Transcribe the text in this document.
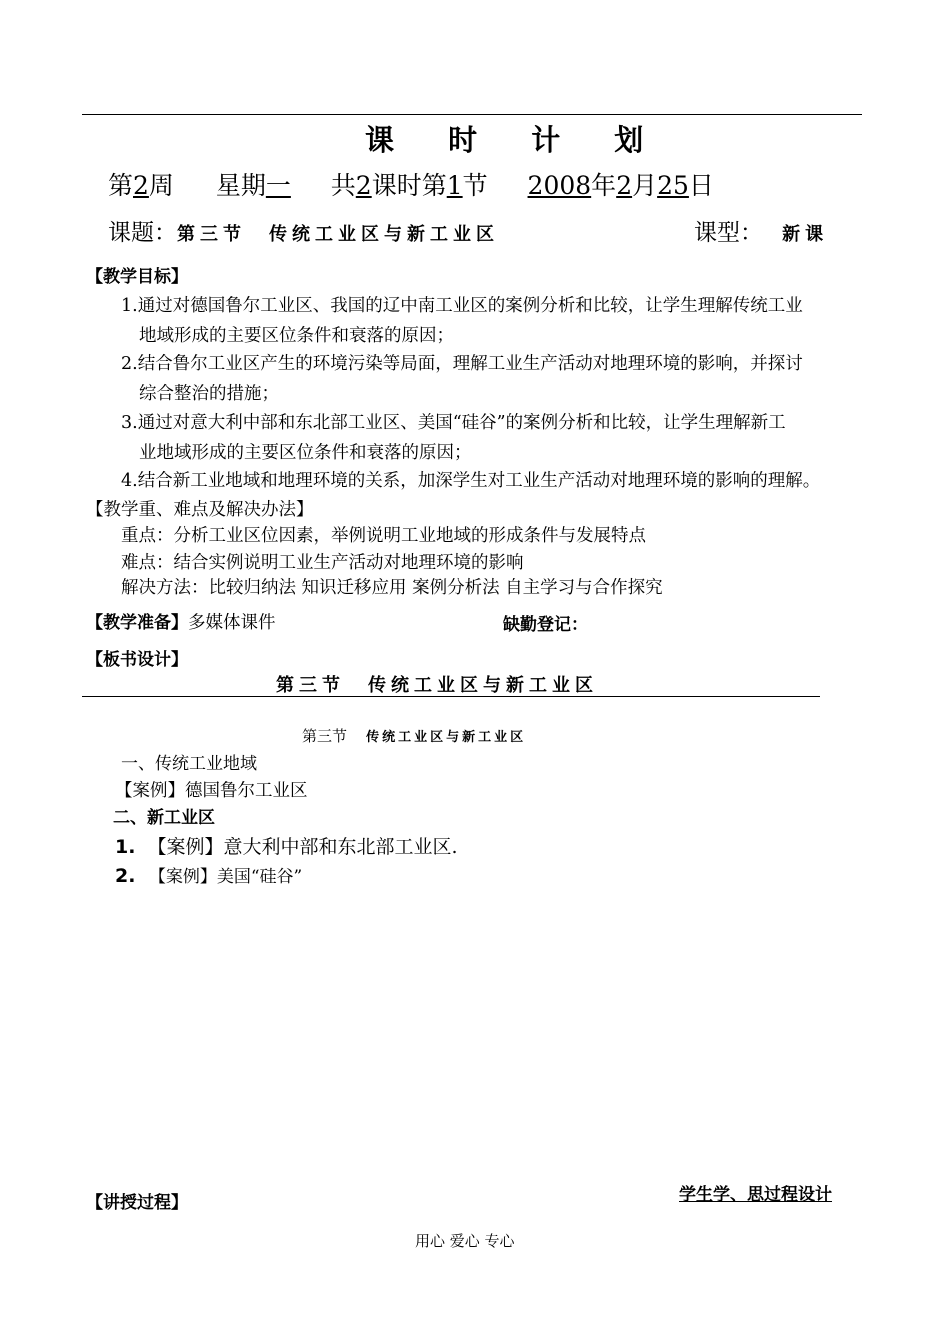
课 时 计 划
第2周 星期一 共2课时第1节 2008年2月25日
课题：第三节　传统工业区与新工业区	课型： 新课
【教学目标】
1.通过对德国鲁尔工业区、我国的辽中南工业区的案例分析和比较，让学生理解传统工业
地域形成的主要区位条件和衰落的原因；
2.结合鲁尔工业区产生的环境污染等局面，理解工业生产活动对地理环境的影响，并探讨
综合整治的措施；
3.通过对意大利中部和东北部工业区、美国“硅谷”的案例分析和比较，让学生理解新工
业地域形成的主要区位条件和衰落的原因；
4.结合新工业地域和地理环境的关系，加深学生对工业生产活动对地理环境的影响的理解。
【教学重、难点及解决办法】
重点：分析工业区位因素，举例说明工业地域的形成条件与发展特点
难点：结合实例说明工业生产活动对地理环境的影响
解决方法：比较归纳法 知识迁移应用 案例分析法 自主学习与合作探究
【教学准备】多媒体课件	缺勤登记：
【板书设计】
第三节　传统工业区与新工业区
第三节 传统工业区与新工业区
一、传统工业地域
【案例】德国鲁尔工业区
二、新工业区
1. 【案例】意大利中部和东北部工业区.
2. 【案例】美国“硅谷”
【讲授过程】	学生学、思过程设计
用心 爱心 专心
